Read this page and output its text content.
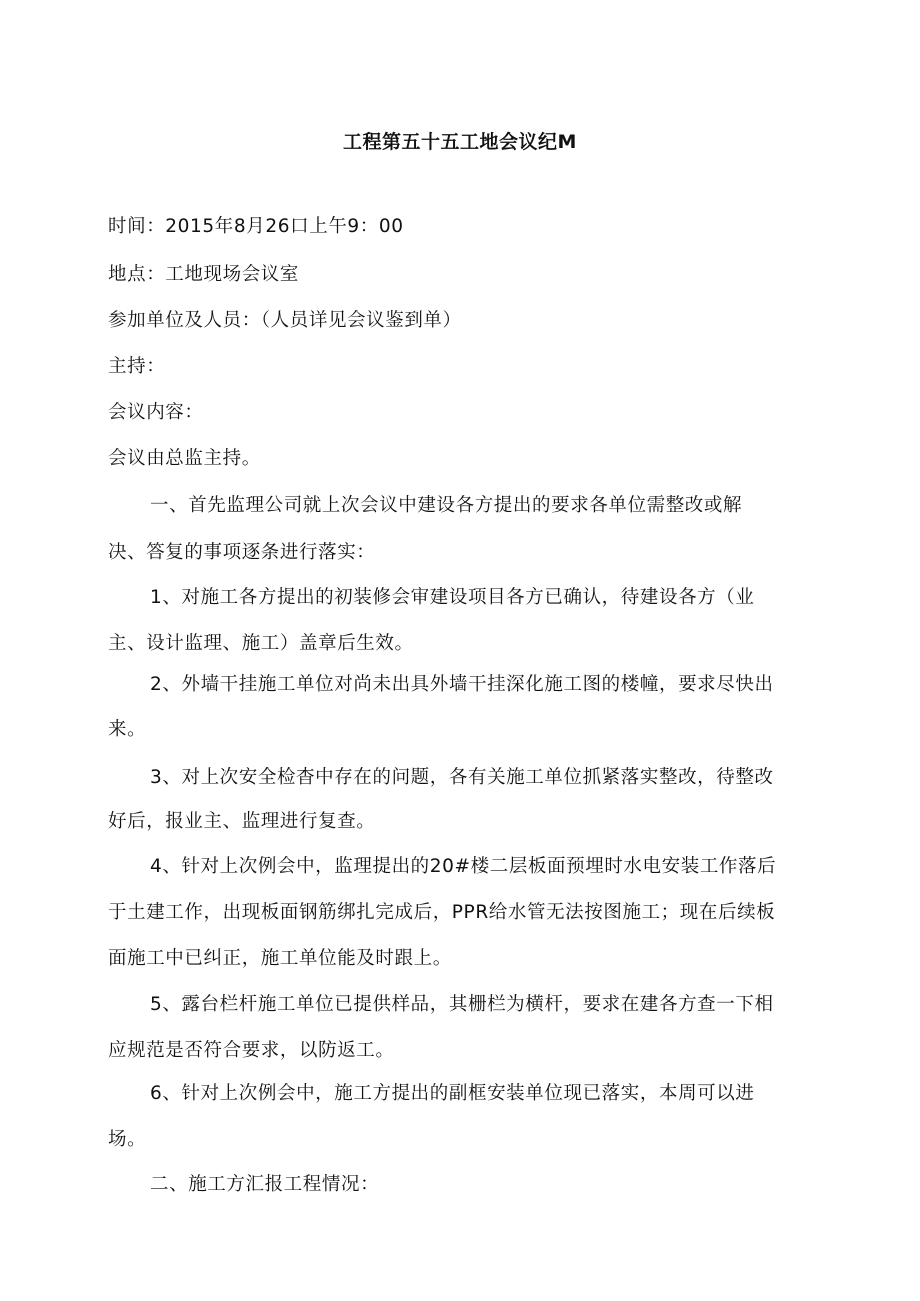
工程第五十五工地会议纪M
时间：2015年8月26口上午9：00
地点：工地现场会议室
参加单位及人员：（人员详见会议鉴到单）
主持：
会议内容：
会议由总监主持。
一、首先监理公司就上次会议中建设各方提出的要求各单位需整改或解
决、答复的事项逐条进行落实：
1、对施工各方提出的初装修会审建设项目各方已确认，待建设各方（业
主、设计监理、施工）盖章后生效。
2、外墙干挂施工单位对尚未出具外墙干挂深化施工图的楼幢，要求尽快出
来。
3、对上次安全检杳中存在的问题，各有关施工单位抓紧落实整改，待整改
好后，报业主、监理进行复查。
4、针对上次例会中，监理提出的20#楼二层板面预埋时水电安装工作落后
于土建工作，出现板面钢筋绑扎完成后，PPR给水管无法按图施工；现在后续板
面施工中已纠正，施工单位能及时跟上。
5、露台栏杆施工单位已提供样品，其栅栏为横杆，要求在建各方查一下相
应规范是否符合要求，以防返工。
6、针对上次例会中，施工方提出的副框安装单位现已落实，本周可以进
场。
二、施工方汇报工程情况：
